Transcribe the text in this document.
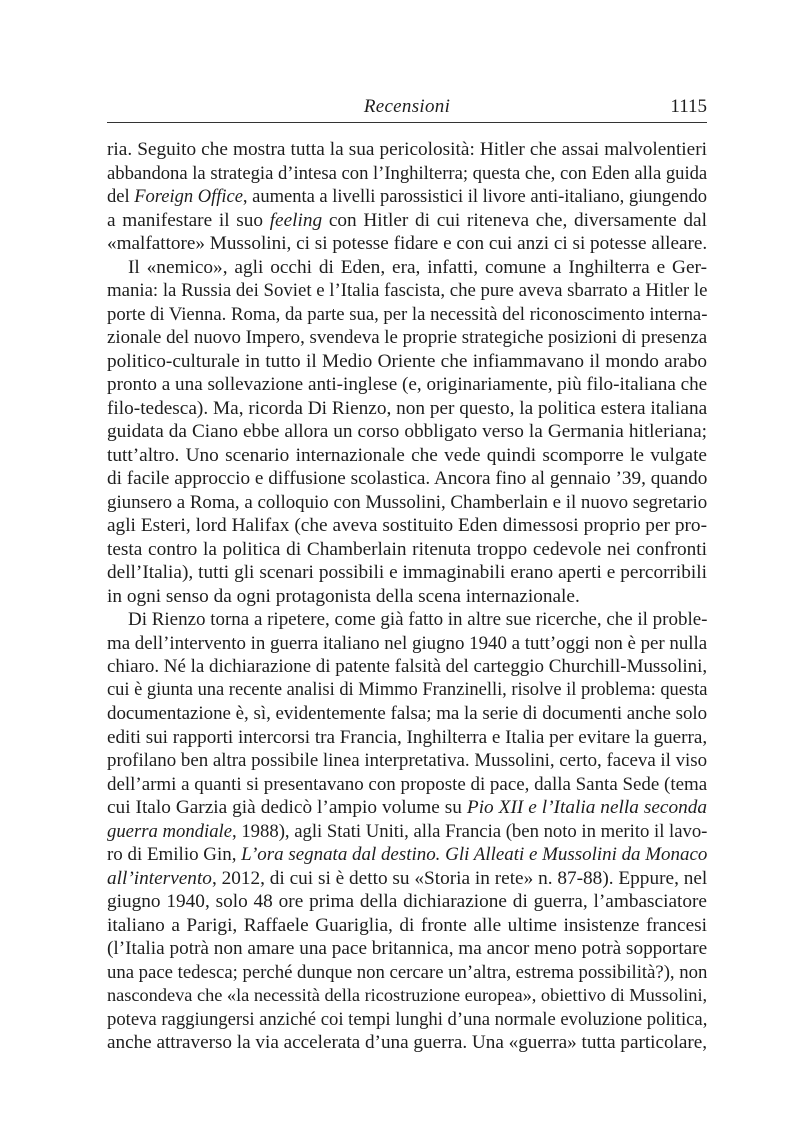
Recensioni	1115
ria. Seguito che mostra tutta la sua pericolosità: Hitler che assai malvolentieri
abbandona la strategia d’intesa con l’Inghilterra; questa che, con Eden alla guida
del Foreign Office, aumenta a livelli parossistici il livore anti-italiano, giungendo
a manifestare il suo feeling con Hitler di cui riteneva che, diversamente dal
«malfattore» Mussolini, ci si potesse fidare e con cui anzi ci si potesse alleare.
Il «nemico», agli occhi di Eden, era, infatti, comune a Inghilterra e Ger-
mania: la Russia dei Soviet e l’Italia fascista, che pure aveva sbarrato a Hitler le
porte di Vienna. Roma, da parte sua, per la necessità del riconoscimento interna-
zionale del nuovo Impero, svendeva le proprie strategiche posizioni di presenza
politico-culturale in tutto il Medio Oriente che infiammavano il mondo arabo
pronto a una sollevazione anti-inglese (e, originariamente, più filo-italiana che
filo-tedesca). Ma, ricorda Di Rienzo, non per questo, la politica estera italiana
guidata da Ciano ebbe allora un corso obbligato verso la Germania hitleriana;
tutt’altro. Uno scenario internazionale che vede quindi scomporre le vulgate
di facile approccio e diffusione scolastica. Ancora fino al gennaio ’39, quando
giunsero a Roma, a colloquio con Mussolini, Chamberlain e il nuovo segretario
agli Esteri, lord Halifax (che aveva sostituito Eden dimessosi proprio per pro-
testa contro la politica di Chamberlain ritenuta troppo cedevole nei confronti
dell’Italia), tutti gli scenari possibili e immaginabili erano aperti e percorribili
in ogni senso da ogni protagonista della scena internazionale.
Di Rienzo torna a ripetere, come già fatto in altre sue ricerche, che il proble-
ma dell’intervento in guerra italiano nel giugno 1940 a tutt’oggi non è per nulla
chiaro. Né la dichiarazione di patente falsità del carteggio Churchill-Mussolini,
cui è giunta una recente analisi di Mimmo Franzinelli, risolve il problema: questa
documentazione è, sì, evidentemente falsa; ma la serie di documenti anche solo
editi sui rapporti intercorsi tra Francia, Inghilterra e Italia per evitare la guerra,
profilano ben altra possibile linea interpretativa. Mussolini, certo, faceva il viso
dell’armi a quanti si presentavano con proposte di pace, dalla Santa Sede (tema
cui Italo Garzia già dedicò l’ampio volume su Pio XII e l’Italia nella seconda
guerra mondiale, 1988), agli Stati Uniti, alla Francia (ben noto in merito il lavo-
ro di Emilio Gin, L’ora segnata dal destino. Gli Alleati e Mussolini da Monaco
all’intervento, 2012, di cui si è detto su «Storia in rete» n. 87-88). Eppure, nel
giugno 1940, solo 48 ore prima della dichiarazione di guerra, l’ambasciatore
italiano a Parigi, Raffaele Guariglia, di fronte alle ultime insistenze francesi
(l’Italia potrà non amare una pace britannica, ma ancor meno potrà sopportare
una pace tedesca; perché dunque non cercare un’altra, estrema possibilità?), non
nascondeva che «la necessità della ricostruzione europea», obiettivo di Mussolini,
poteva raggiungersi anziché coi tempi lunghi d’una normale evoluzione politica,
anche attraverso la via accelerata d’una guerra. Una «guerra» tutta particolare,
